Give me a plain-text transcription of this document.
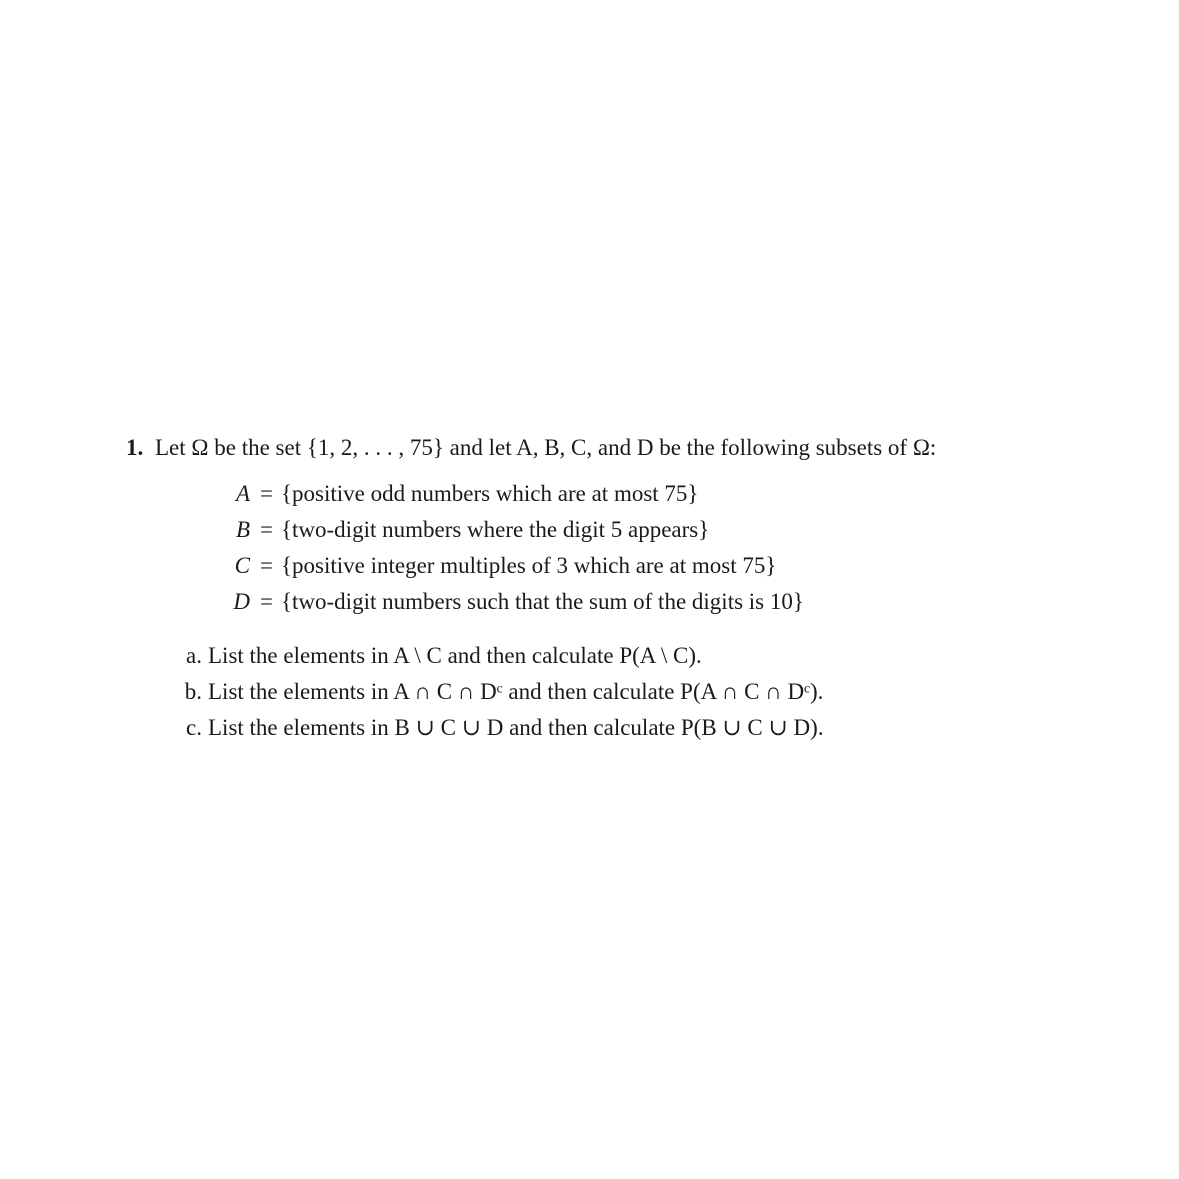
1. Let Ω be the set {1, 2, . . . , 75} and let A, B, C, and D be the following subsets of Ω:
A = {positive odd numbers which are at most 75}
B = {two-digit numbers where the digit 5 appears}
C = {positive integer multiples of 3 which are at most 75}
D = {two-digit numbers such that the sum of the digits is 10}
a. List the elements in A \ C and then calculate P(A \ C).
b. List the elements in A ∩ C ∩ Dᶜ and then calculate P(A ∩ C ∩ Dᶜ).
c. List the elements in B ∪ C ∪ D and then calculate P(B ∪ C ∪ D).
